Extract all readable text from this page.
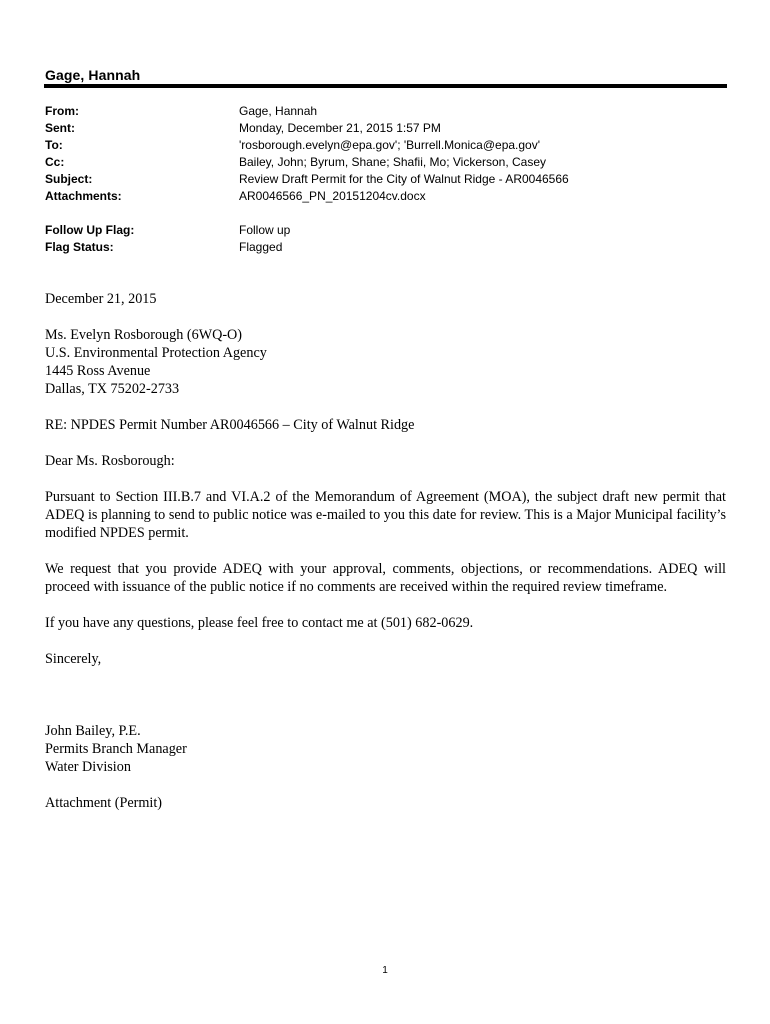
Gage, Hannah
From:	Gage, Hannah
Sent:	Monday, December 21, 2015 1:57 PM
To:	'rosborough.evelyn@epa.gov'; 'Burrell.Monica@epa.gov'
Cc:	Bailey, John; Byrum, Shane; Shafii, Mo; Vickerson, Casey
Subject:	Review Draft Permit for the City of Walnut Ridge - AR0046566
Attachments:	AR0046566_PN_20151204cv.docx
Follow Up Flag:	Follow up
Flag Status:	Flagged

December 21, 2015

Ms. Evelyn Rosborough (6WQ-O)
U.S. Environmental Protection Agency
1445 Ross Avenue
Dallas, TX 75202-2733

RE: NPDES Permit Number AR0046566 – City of Walnut Ridge

Dear Ms. Rosborough:

Pursuant to Section III.B.7 and VI.A.2 of the Memorandum of Agreement (MOA), the subject draft new permit that ADEQ is planning to send to public notice was e-mailed to you this date for review. This is a Major Municipal facility’s modified NPDES permit.

We request that you provide ADEQ with your approval, comments, objections, or recommendations. ADEQ will proceed with issuance of the public notice if no comments are received within the required review timeframe.

If you have any questions, please feel free to contact me at (501) 682-0629.

Sincerely,

John Bailey, P.E.
Permits Branch Manager
Water Division

Attachment (Permit)

1
